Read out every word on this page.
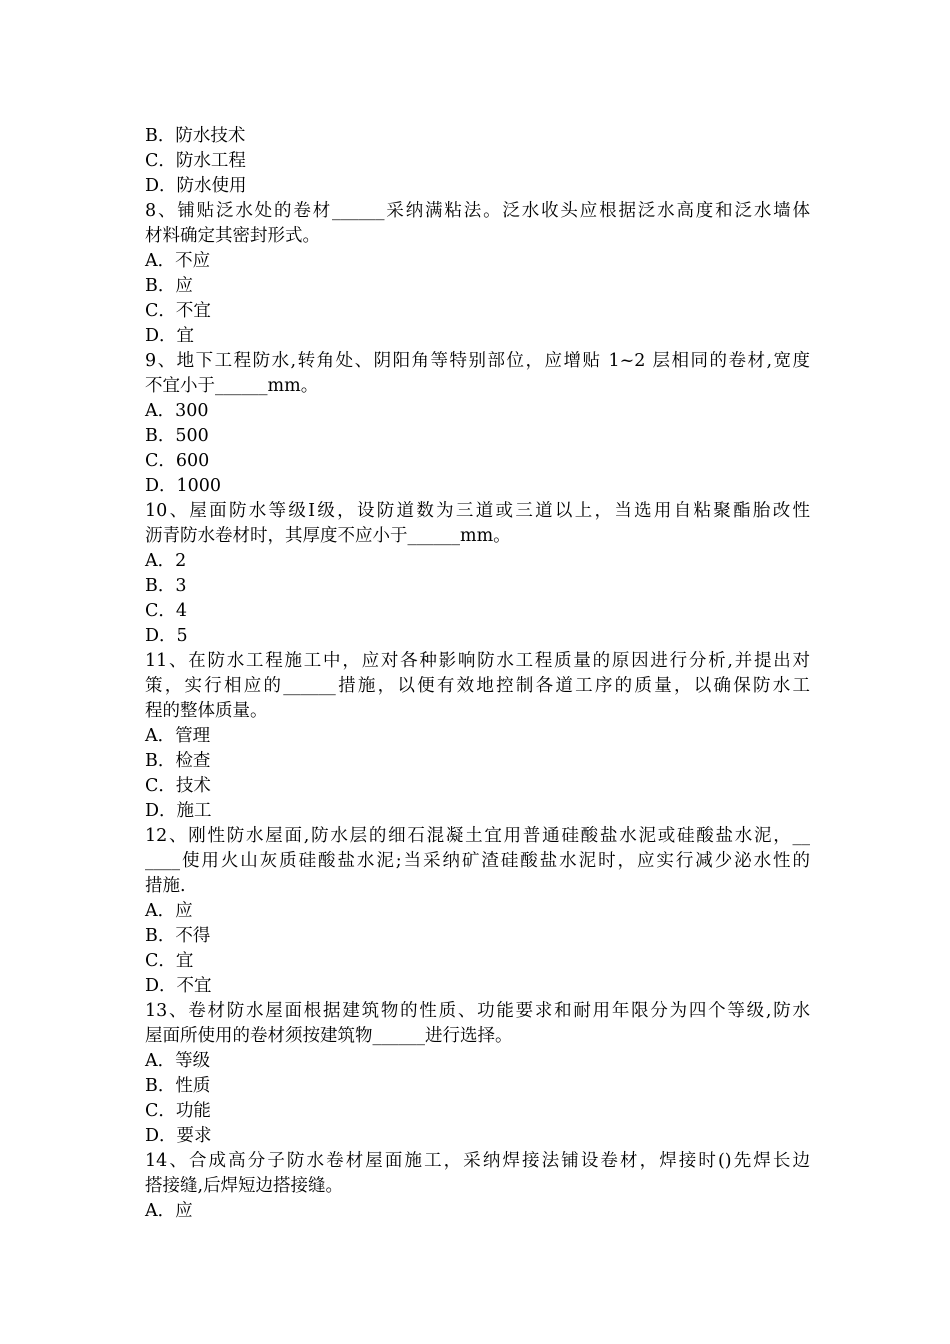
B．防水技术
C．防水工程
D．防水使用
8、铺贴泛水处的卷材______采纳满粘法。泛水收头应根据泛水高度和泛水墙体
材料确定其密封形式。
A．不应
B．应
C．不宜
D．宜
9、地下工程防水,转角处、阴阳角等特别部位，应增贴 1~2 层相同的卷材,宽度
不宜小于______mm。
A．300
B．500
C．600
D．1000
10、屋面防水等级Ⅰ级，设防道数为三道或三道以上，当选用自粘聚酯胎改性
沥青防水卷材时，其厚度不应小于______mm。
A．2
B．3
C．4
D．5
11、在防水工程施工中，应对各种影响防水工程质量的原因进行分析,并提出对
策，实行相应的______措施，以便有效地控制各道工序的质量，以确保防水工
程的整体质量。
A．管理
B．检查
C．技术
D．施工
12、刚性防水屋面,防水层的细石混凝土宜用普通硅酸盐水泥或硅酸盐水泥，__
____使用火山灰质硅酸盐水泥;当采纳矿渣硅酸盐水泥时，应实行减少泌水性的
措施.
A．应
B．不得
C．宜
D．不宜
13、卷材防水屋面根据建筑物的性质、功能要求和耐用年限分为四个等级,防水
屋面所使用的卷材须按建筑物______进行选择。
A．等级
B．性质
C．功能
D．要求
14、合成高分子防水卷材屋面施工，采纳焊接法铺设卷材，焊接时()先焊长边
搭接缝,后焊短边搭接缝。
A．应
